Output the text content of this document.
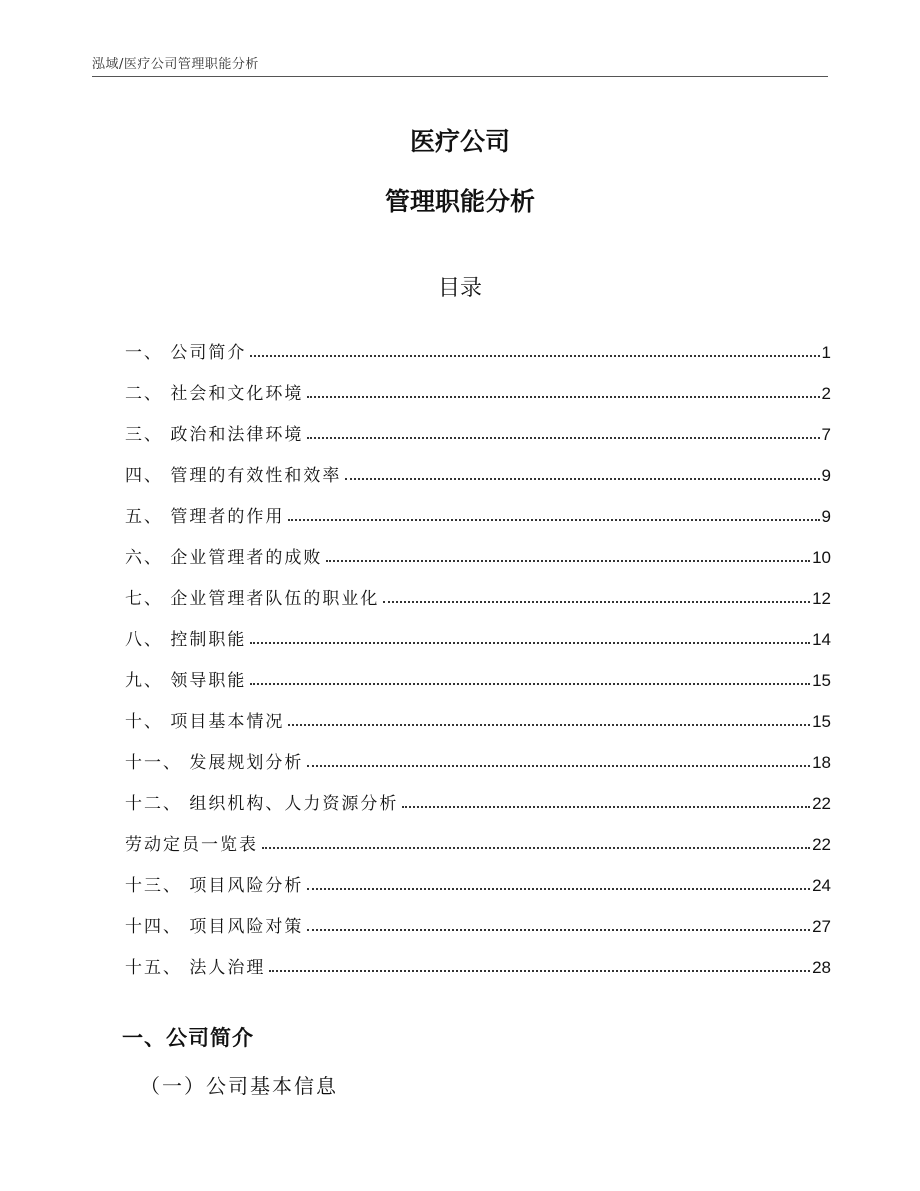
泓域/医疗公司管理职能分析
医疗公司
管理职能分析
目录
一、 公司简介	1
二、 社会和文化环境	2
三、 政治和法律环境	7
四、 管理的有效性和效率	9
五、 管理者的作用	9
六、 企业管理者的成败	10
七、 企业管理者队伍的职业化	12
八、 控制职能	14
九、 领导职能	15
十、 项目基本情况	15
十一、 发展规划分析	18
十二、 组织机构、人力资源分析	22
劳动定员一览表	22
十三、 项目风险分析	24
十四、 项目风险对策	27
十五、 法人治理	28
一、公司简介
（一）公司基本信息
